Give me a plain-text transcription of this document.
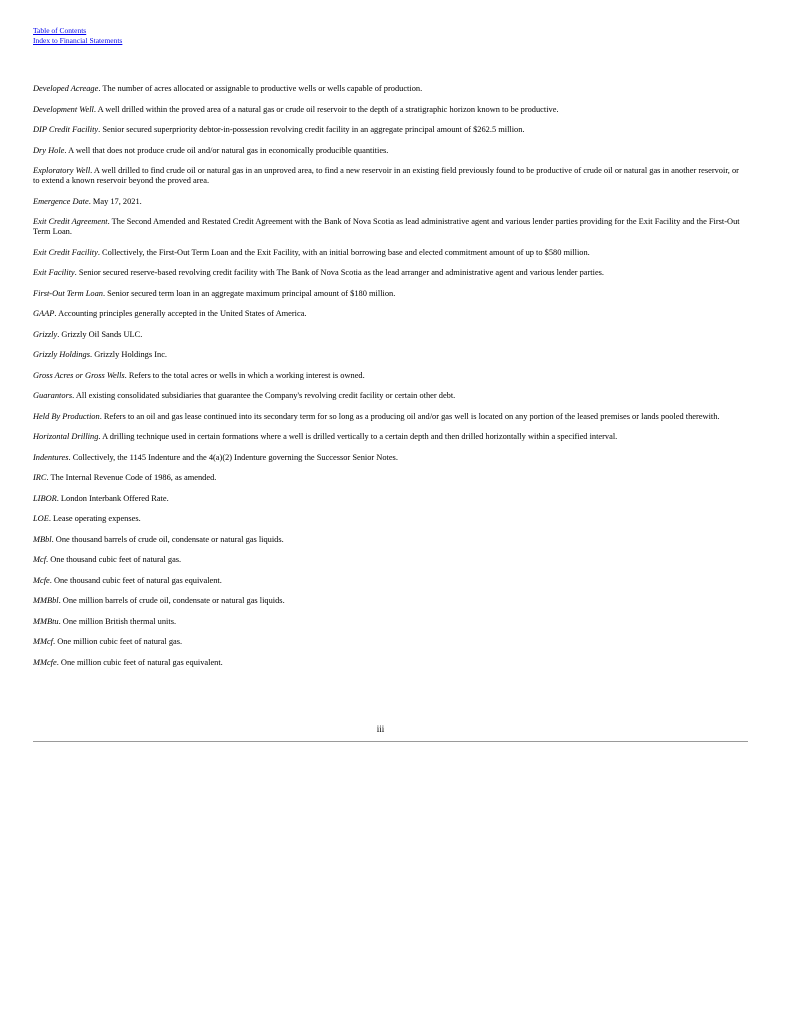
Table of Contents
Index to Financial Statements
Developed Acreage. The number of acres allocated or assignable to productive wells or wells capable of production.
Development Well. A well drilled within the proved area of a natural gas or crude oil reservoir to the depth of a stratigraphic horizon known to be productive.
DIP Credit Facility. Senior secured superpriority debtor-in-possession revolving credit facility in an aggregate principal amount of $262.5 million.
Dry Hole. A well that does not produce crude oil and/or natural gas in economically producible quantities.
Exploratory Well. A well drilled to find crude oil or natural gas in an unproved area, to find a new reservoir in an existing field previously found to be productive of crude oil or natural gas in another reservoir, or to extend a known reservoir beyond the proved area.
Emergence Date. May 17, 2021.
Exit Credit Agreement. The Second Amended and Restated Credit Agreement with the Bank of Nova Scotia as lead administrative agent and various lender parties providing for the Exit Facility and the First-Out Term Loan.
Exit Credit Facility. Collectively, the First-Out Term Loan and the Exit Facility, with an initial borrowing base and elected commitment amount of up to $580 million.
Exit Facility. Senior secured reserve-based revolving credit facility with The Bank of Nova Scotia as the lead arranger and administrative agent and various lender parties.
First-Out Term Loan. Senior secured term loan in an aggregate maximum principal amount of $180 million.
GAAP. Accounting principles generally accepted in the United States of America.
Grizzly. Grizzly Oil Sands ULC.
Grizzly Holdings. Grizzly Holdings Inc.
Gross Acres or Gross Wells. Refers to the total acres or wells in which a working interest is owned.
Guarantors. All existing consolidated subsidiaries that guarantee the Company's revolving credit facility or certain other debt.
Held By Production. Refers to an oil and gas lease continued into its secondary term for so long as a producing oil and/or gas well is located on any portion of the leased premises or lands pooled therewith.
Horizontal Drilling. A drilling technique used in certain formations where a well is drilled vertically to a certain depth and then drilled horizontally within a specified interval.
Indentures. Collectively, the 1145 Indenture and the 4(a)(2) Indenture governing the Successor Senior Notes.
IRC. The Internal Revenue Code of 1986, as amended.
LIBOR. London Interbank Offered Rate.
LOE. Lease operating expenses.
MBbl. One thousand barrels of crude oil, condensate or natural gas liquids.
Mcf. One thousand cubic feet of natural gas.
Mcfe. One thousand cubic feet of natural gas equivalent.
MMBbl. One million barrels of crude oil, condensate or natural gas liquids.
MMBtu. One million British thermal units.
MMcf. One million cubic feet of natural gas.
MMcfe. One million cubic feet of natural gas equivalent.
iii
